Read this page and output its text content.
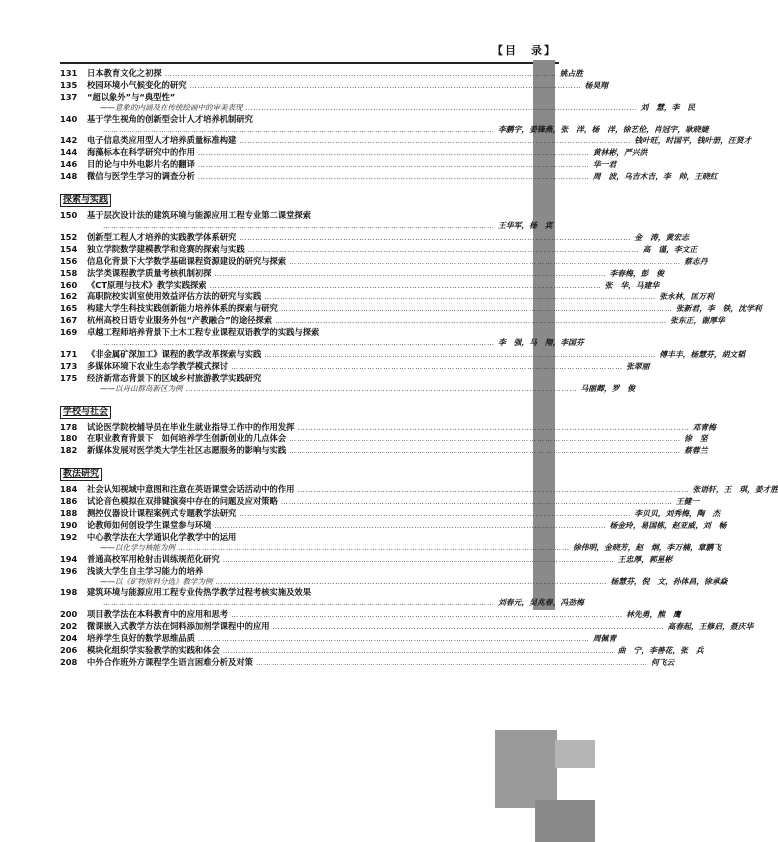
【目　录】
131	日本教育文化之初探 ………………………………………………………………………………………………………………………………… 姚占胜
135	校园环境小气候变化的研究 ………………………………………………………………………………………………………………………………… 杨昊翔
137	“超以象外”与“典型性”
——意象的内涵及在传统绘画中的审美表现 ………………………………………………………………………………………………………………………………… 刘　慧，李　民
140	基于学生视角的创新型会计人才培养机制研究
………………………………………………………………………………………………………………………………… 李鹏宇，姜锋燕，张　洋，杨　洋，徐艺伦，肖冠宇，耿晓婕
142	电子信息类应用型人才培养质量标准构建 ………………………………………………………………………………………………………………………………… 钱叶旺，时国平，钱叶册，汪贤才
144	海藻标本在科学研究中的作用 ………………………………………………………………………………………………………………………………… 黄林彬，严兴洪
146	目的论与中外电影片名的翻译 ………………………………………………………………………………………………………………………………… 华一君
148	微信与医学生学习的调查分析 ………………………………………………………………………………………………………………………………… 周　波，乌吉木吉，李　帅，王晓红
探索与实践
150	基于层次设计法的建筑环境与能源应用工程专业第二课堂探索
………………………………………………………………………………………………………………………………… 王华军，杨　宾
152	创新型工程人才培养的实践教学体系研究 ………………………………………………………………………………………………………………………………… 金　涛，黄宏志
154	独立学院数学建模教学和竞赛的探索与实践 ………………………………………………………………………………………………………………………………… 高　谨，李文正
156	信息化背景下大学数学基础课程资源建设的研究与探索 ………………………………………………………………………………………………………………………………… 蔡志丹
158	法学类课程教学质量考核机制初探 ………………………………………………………………………………………………………………………………… 李春梅，彭　俊
160	《CT原理与技术》教学实践探索 ………………………………………………………………………………………………………………………………… 张　华，马建华
162	高职院校实训室使用效益评估方法的研究与实践 ………………………………………………………………………………………………………………………………… 张永林，匡万利
165	构建大学生科技实践创新能力培养体系的探索与研究 ………………………………………………………………………………………………………………………………… 张新君，李　铁，沈学利
167	杭州高校日语专业服务外包“产教融合”的途径探索 ………………………………………………………………………………………………………………………………… 张东正，谢厚华
169	卓越工程师培养背景下土木工程专业课程双语教学的实践与探索
………………………………………………………………………………………………………………………………… 李　强，马　翔，李国芬
171	《非金属矿深加工》课程的教学改革探索与实践 ………………………………………………………………………………………………………………………………… 傅丰丰，杨慧芬，胡文韬
173	多媒体环境下农业生态学教学模式探讨 ………………………………………………………………………………………………………………………………… 张翠丽
175	经济新常态背景下的区域乡村旅游教学实践研究
——以舟山群岛新区为例 ………………………………………………………………………………………………………………………………… 马丽卿，罗　俊
学校与社会
178	试论医学院校辅导员在毕业生就业指导工作中的作用发挥 ………………………………………………………………………………………………………………………………… 邓青梅
180	在职业教育背景下　如何培养学生创新创业的几点体会 ………………………………………………………………………………………………………………………………… 徐　坚
182	新媒体发展对医学类大学生社区志愿服务的影响与实践 ………………………………………………………………………………………………………………………………… 蔡蓉兰
教法研究
184	社会认知视域中意图和注意在英语课堂会话活动中的作用 ………………………………………………………………………………………………………………………………… 张语轩，王　琪，姜才胜
186	试论音色模拟在双排键演奏中存在的问题及应对策略 ………………………………………………………………………………………………………………………………… 王健一
188	测控仪器设计课程案例式专题教学法研究 ………………………………………………………………………………………………………………………………… 李贝贝，刘秀梅，陶　杰
190	论教师如何创设学生课堂参与环境 ………………………………………………………………………………………………………………………………… 杨金玲，易国栋，赵亚威，刘　畅
192	中心教学法在大学通识化学教学中的运用
——以化学与核能为例 ………………………………………………………………………………………………………………………………… 徐伟明，金晓芳，赵　炯，李万楠，章鹏飞
194	普通高校军用枪射击训练规范化研究 ………………………………………………………………………………………………………………………………… 王忠厚，郭星彬
196	浅谈大学生自主学习能力的培养
——以《矿物原料分选》教学为例 ………………………………………………………………………………………………………………………………… 杨慧芬，倪　文，孙体昌，徐承焱
198	建筑环境与能源应用工程专业传热学教学过程考核实施及效果
………………………………………………………………………………………………………………………………… 刘春元，吴兆春，冯劲梅
200	项目教学法在本科教育中的应用和思考 ………………………………………………………………………………………………………………………………… 林先勇，熊　鹰
202	微课嵌入式教学方法在饲料添加剂学课程中的应用 ………………………………………………………………………………………………………………………………… 高春起，王修启，聂庆华
204	培养学生良好的数学思维品质 ………………………………………………………………………………………………………………………………… 周佩青
206	模块化组织学实验教学的实践和体会 ………………………………………………………………………………………………………………………………… 曲　宁，李善花，张　兵
208	中外合作班外方课程学生语言困难分析及对策 ………………………………………………………………………………………………………………………………… 何飞云
